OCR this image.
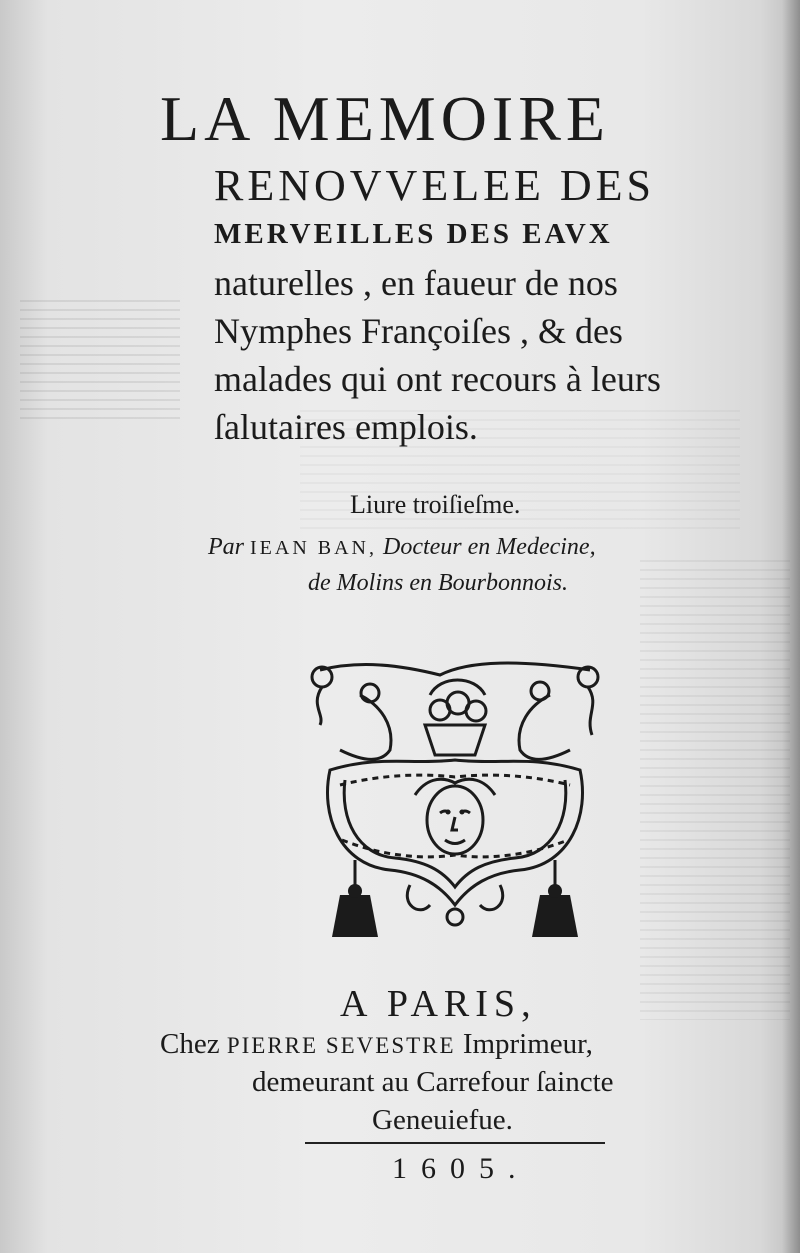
LA MEMOIRE
RENOVVELEE DES
MERVEILLES DES EAVX
naturelles , en faueur de nos
Nymphes Françoiſes , & des
malades qui ont recours à leurs
ſalutaires emplois.
Liure troiſieſme.
Par IEAN BAN, Docteur en Medecine,
de Molins en Bourbonnois.
A PARIS,
Chez PIERRE SEVESTRE Imprimeur,
demeurant au Carrefour ſaincte
Geneuiefue.
1605.
